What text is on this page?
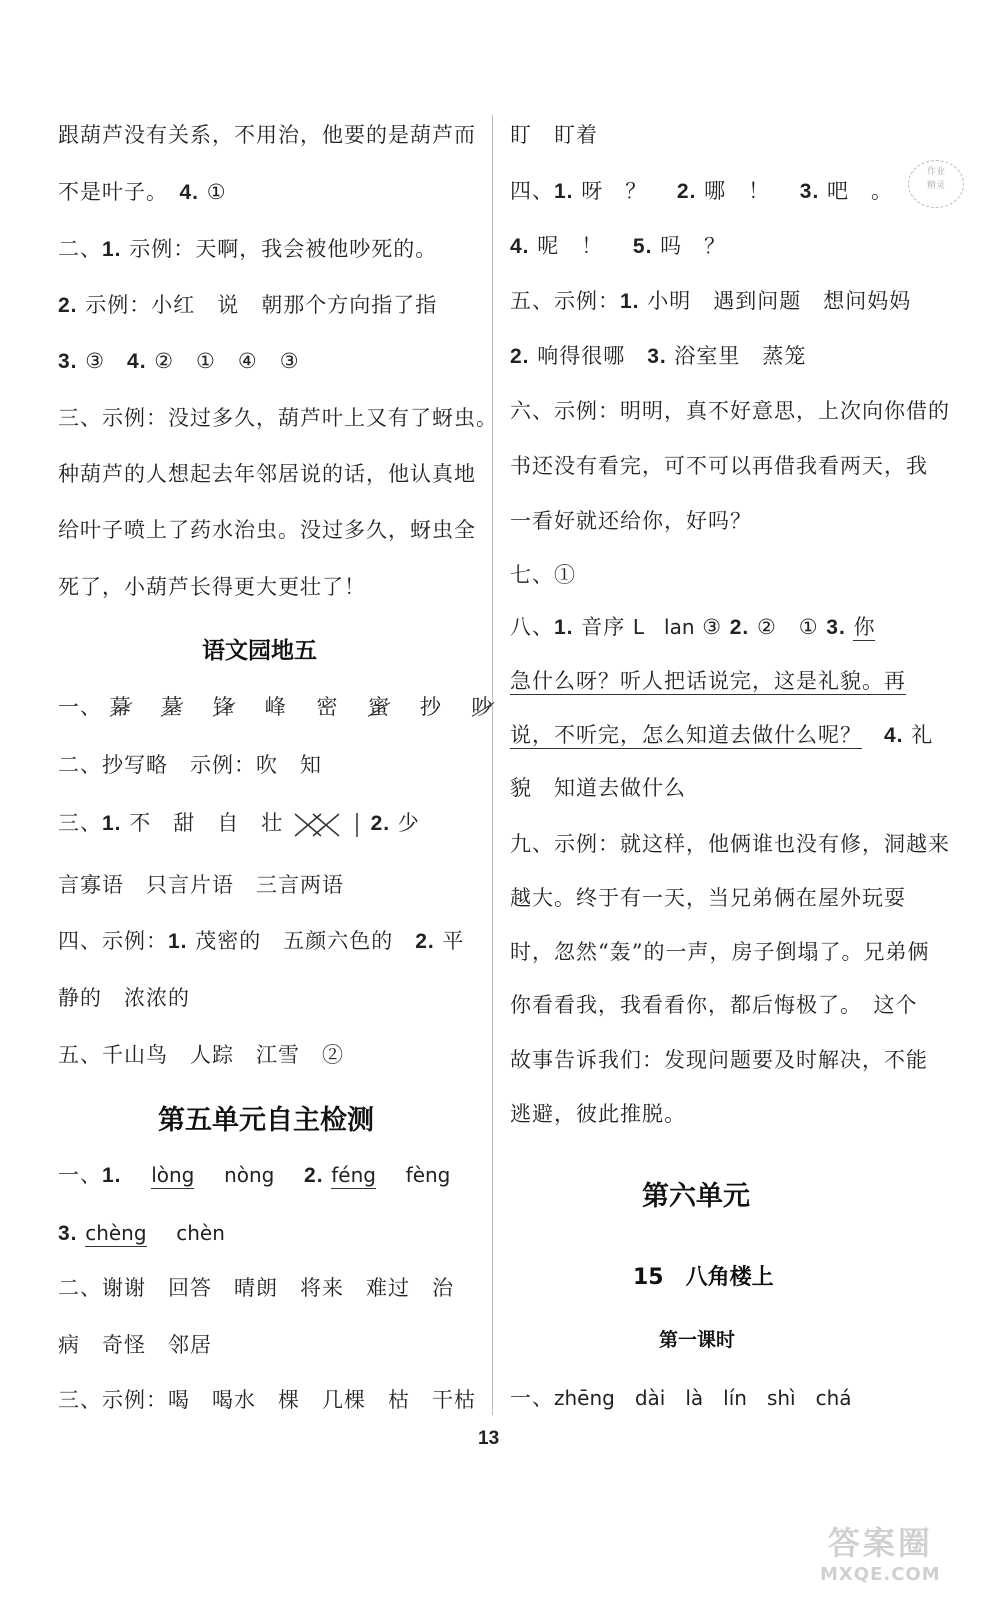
跟葫芦没有关系，不用治，他要的是葫芦而
不是叶子。　 4. ①
二、1. 示例：天啊，我会被他吵死的。
2. 示例：小红　说　朝那个方向指了指
3. ③　 4. ②　①　④　③
三、示例：没过多久，葫芦叶上又有了蚜虫。
种葫芦的人想起去年邻居说的话，他认真地
给叶子喷上了药水治虫。没过多久，蚜虫全
死了，小葫芦长得更大更壮了！
语文园地五
一、 幕　 墓　 锋　 峰　 密　 蜜　 抄　 吵
二、抄写略　示例：吹　知
三、1. 不　甜　自　壮	2. 少
言寡语　只言片语　三言两语
四、示例：1. 茂密的　五颜六色的　 2. 平
静的　浓浓的
五、千山鸟　人踪　江雪　 ②
第五单元自主检测
一、1. 　 lòng 　 nòng 　 2. féng 　 fèng
3. chèng 　 chèn
二、谢谢　回答　晴朗　将来　难过　治
病　奇怪　邻居
三、示例：喝　喝水　棵　几棵　枯　干枯
盯　盯着
四、1. 呀　？　 2. 哪　！　 3. 吧　。
4. 呢　！　 5. 吗　？
五、示例：1. 小明　遇到问题　想问妈妈
2. 响得很哪　 3. 浴室里　蒸笼
六、示例：明明，真不好意思，上次向你借的
书还没有看完，可不可以再借我看两天，我
一看好就还给你，好吗？
七、①
八、1. 音序 L　lan ③ 2. ②　① 3. 你
急什么呀？听人把话说完，这是礼貌。再
说，不听完，怎么知道去做什么呢？　 4. 礼
貌　知道去做什么
九、示例：就这样，他俩谁也没有修，洞越来
越大。终于有一天，当兄弟俩在屋外玩耍
时，忽然“轰”的一声，房子倒塌了。兄弟俩
你看看我，我看看你，都后悔极了。　这个
故事告诉我们：发现问题要及时解决，不能
逃避，彼此推脱。
第六单元
15　八角楼上
第一课时
一、zhēng　dài　là　lín　shì　chá
作业
精灵
13
答案圈
MXQE.COM
